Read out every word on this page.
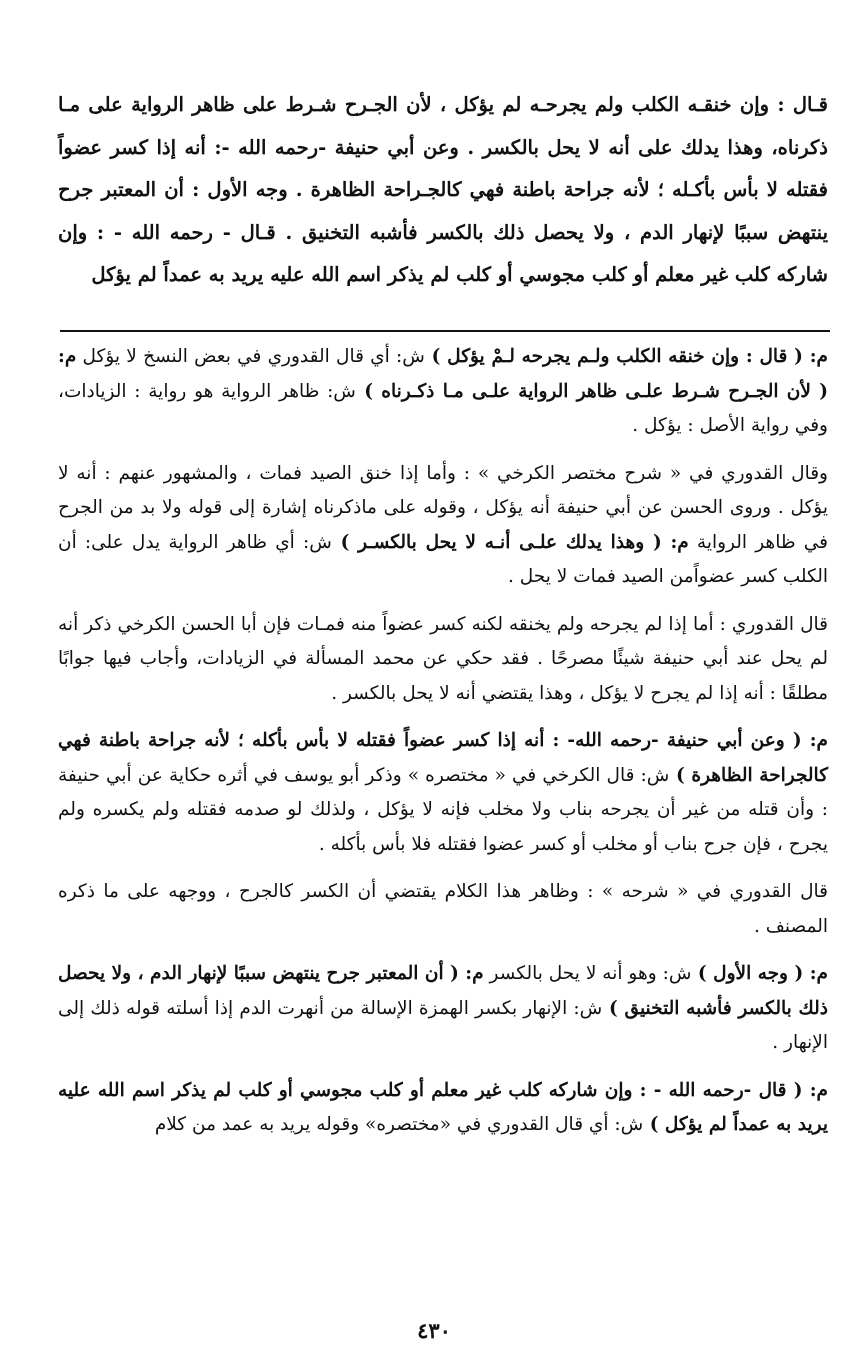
قـال : وإن خنقـه الكلب ولم يجرحـه لم يؤكل ، لأن الجـرح شـرط على ظاهر الرواية على مـا ذكرناه، وهذا يدلك على أنه لا يحل بالكسر . وعن أبي حنيفة -رحمه الله -: أنه إذا كسر عضواً فقتله لا بأس بأكـله ؛ لأنه جراحة باطنة فهي كالجـراحة الظاهرة . وجه الأول : أن المعتبر جرح ينتهض سببًا لإنهار الدم ، ولا يحصل ذلك بالكسر فأشبه التخنيق . قـال - رحمه الله - : وإن شاركه كلب غير معلم أو كلب مجوسي أو كلب لم يذكر اسم الله عليه يريد به عمداً لم يؤكل

م: ( قال : وإن خنقه الكلب ولـم يجرحه لـمْ يؤكل ) ش: أي قال القدوري في بعض النسخ لا يؤكل م: ( لأن الجـرح شـرط علـى ظاهر الرواية علـى مـا ذكـرناه ) ش: ظاهر الرواية هو رواية : الزيادات، وفي رواية الأصل : يؤكل .

وقال القدوري في « شرح مختصر الكرخي » : وأما إذا خنق الصيد فمات ، والمشهور عنهم : أنه لا يؤكل . وروى الحسن عن أبي حنيفة أنه يؤكل ، وقوله على ماذكرناه إشارة إلى قوله ولا بد من الجرح في ظاهر الرواية م: ( وهذا يدلك علـى أنـه لا يحل بالكسـر ) ش: أي ظاهر الرواية يدل على: أن الكلب كسر عضواًمن الصيد فمات لا يحل .

قال القدوري : أما إذا لم يجرحه ولم يخنقه لكنه كسر عضواً منه فمـات فإن أبا الحسن الكرخي ذكر أنه لم يحل عند أبي حنيفة شيئًا مصرحًا . فقد حكي عن محمد المسألة في الزيادات، وأجاب فيها جوابًا مطلقًا : أنه إذا لم يجرح لا يؤكل ، وهذا يقتضي أنه لا يحل بالكسر .

م: ( وعن أبي حنيفة -رحمه الله- : أنه إذا كسر عضواً فقتله لا بأس بأكله ؛ لأنه جراحة باطنة فهي كالجراحة الظاهرة ) ش: قال الكرخي في « مختصره » وذكر أبو يوسف في أثره حكاية عن أبي حنيفة : وأن قتله من غير أن يجرحه بناب ولا مخلب فإنه لا يؤكل ، ولذلك لو صدمه فقتله ولم يكسره ولم يجرح ، فإن جرح بناب أو مخلب أو كسر عضوا فقتله فلا بأس بأكله .

قال القدوري في « شرحه » : وظاهر هذا الكلام يقتضي أن الكسر كالجرح ، ووجهه على ما ذكره المصنف .

م: ( وجه الأول ) ش: وهو أنه لا يحل بالكسر م: ( أن المعتبر جرح ينتهض سببًا لإنهار الدم ، ولا يحصل ذلك بالكسر فأشبه التخنيق ) ش: الإنهار بكسر الهمزة الإسالة من أنهرت الدم إذا أسلته قوله ذلك إلى الإنهار .

م: ( قال -رحمه الله - : وإن شاركه كلب غير معلم أو كلب مجوسي أو كلب لم يذكر اسم الله عليه يريد به عمداً لم يؤكل ) ش: أي قال القدوري في «مختصره» وقوله يريد به عمد من كلام

٤٣٠
